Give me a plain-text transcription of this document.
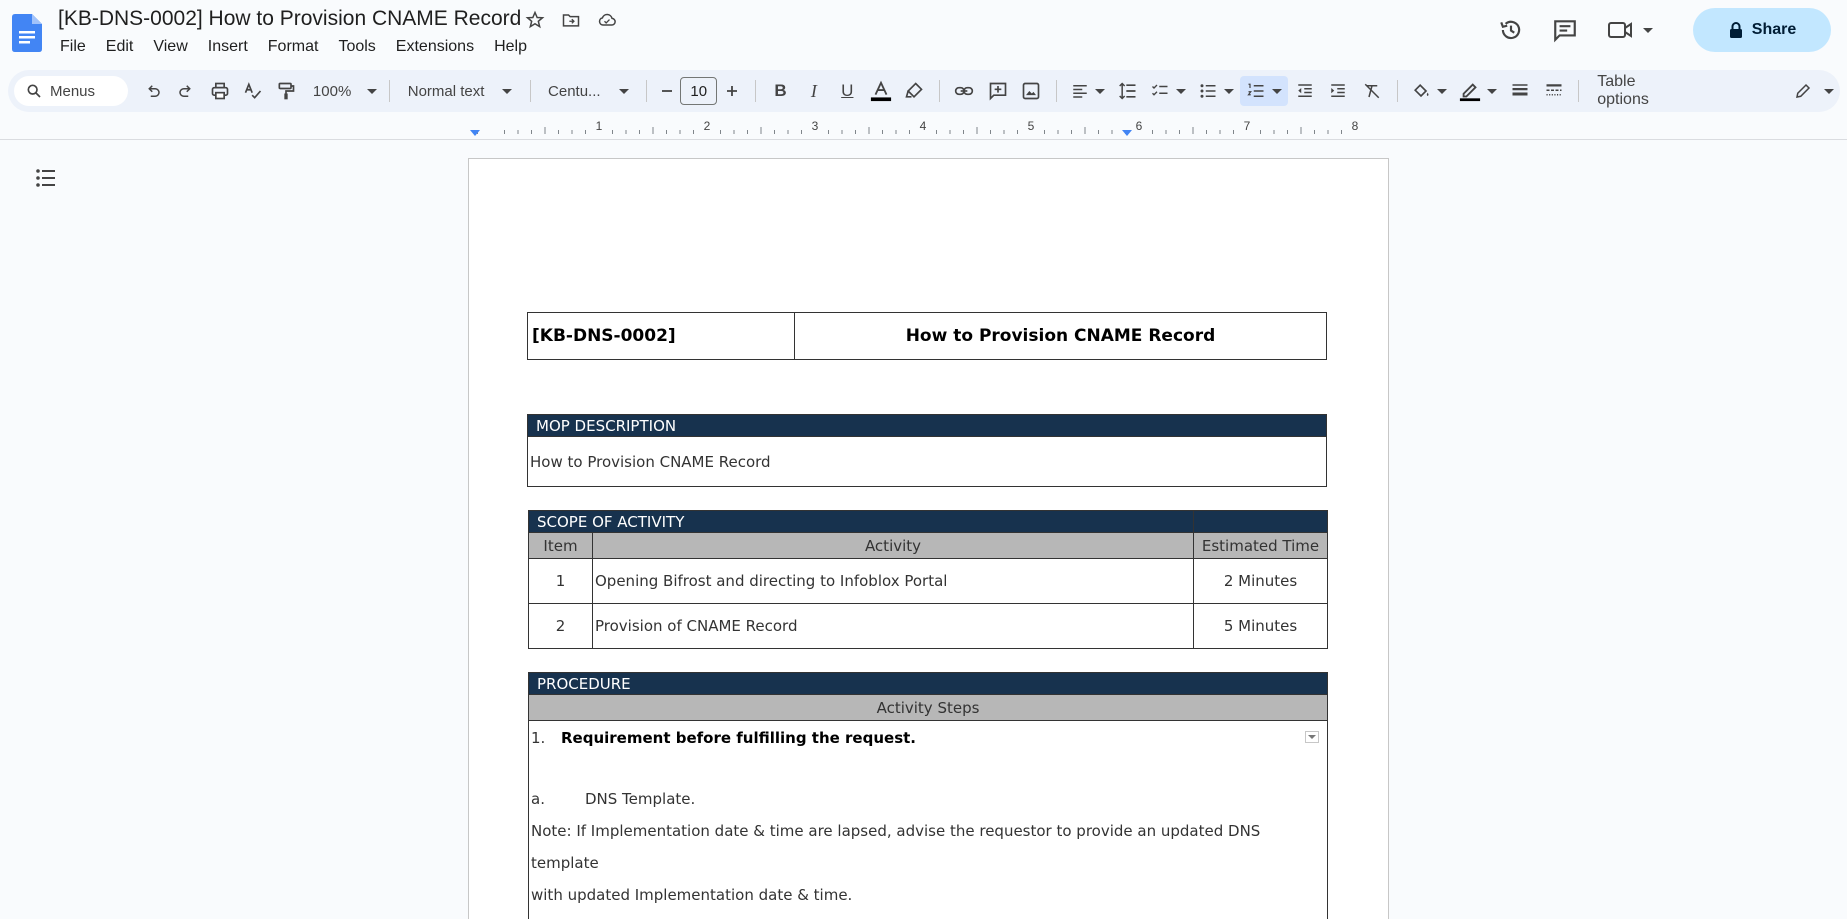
[KB-DNS-0002] How to Provision CNAME Record
File	Edit	View	Insert	Format	Tools	Extensions	Help
Share
Menus	100%	Normal text	Centu...	10	B	I	U	Table options
1	2	3	4	5	6	7	8
[KB-DNS-0002]	How to Provision CNAME Record
MOP DESCRIPTION
How to Provision CNAME Record
SCOPE OF ACTIVITY		
Item	Activity	Estimated Time
1	Opening Bifrost and directing to Infoblox Portal	2 Minutes
2	Provision of CNAME Record	5 Minutes
PROCEDURE
Activity Steps

1. Requirement before fulfilling the request.
a.	DNS Template.
Note: If Implementation date & time are lapsed, advise the requestor to provide an updated DNS template
with updated Implementation date & time.
